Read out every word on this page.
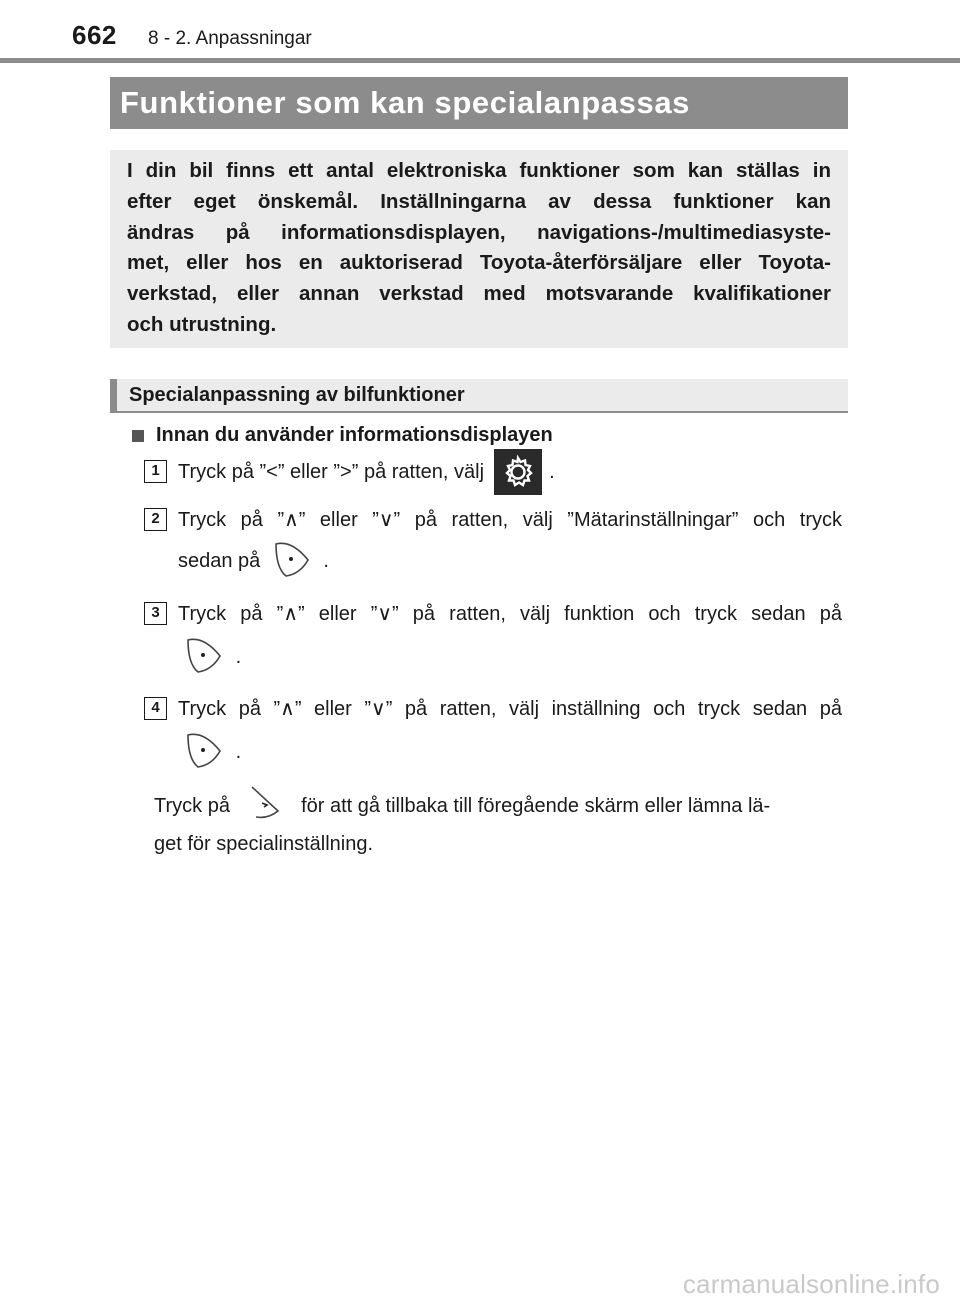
662 8 - 2. Anpassningar
Funktioner som kan specialanpassas

I din bil finns ett antal elektroniska funktioner som kan ställas in

efter eget önskemål. Inställningarna av dessa funktioner kan

ändras på informationsdisplayen, navigations-/multimediasyste-

met, eller hos en auktoriserad Toyota-återförsäljare eller Toyota-

verkstad, eller annan verkstad med motsvarande kvalifikationer

och utrustning.

Specialanpassning av bilfunktioner
Innan du använder informationsdisplayen
1 Tryck på ”<” eller ”>” på ratten, välj	.
2 Tryck på ”∧” eller ”∨” på ratten, välj ”Mätarinställningar” och tryck
sedan på	.
3 Tryck på ”∧” eller ”∨” på ratten, välj funktion och tryck sedan på
.
4 Tryck på ”∧” eller ”∨” på ratten, välj inställning och tryck sedan på
.
Tryck på	för att gå tillbaka till föregående skärm eller lämna lä-
get för specialinställning.
carmanualsonline.info
